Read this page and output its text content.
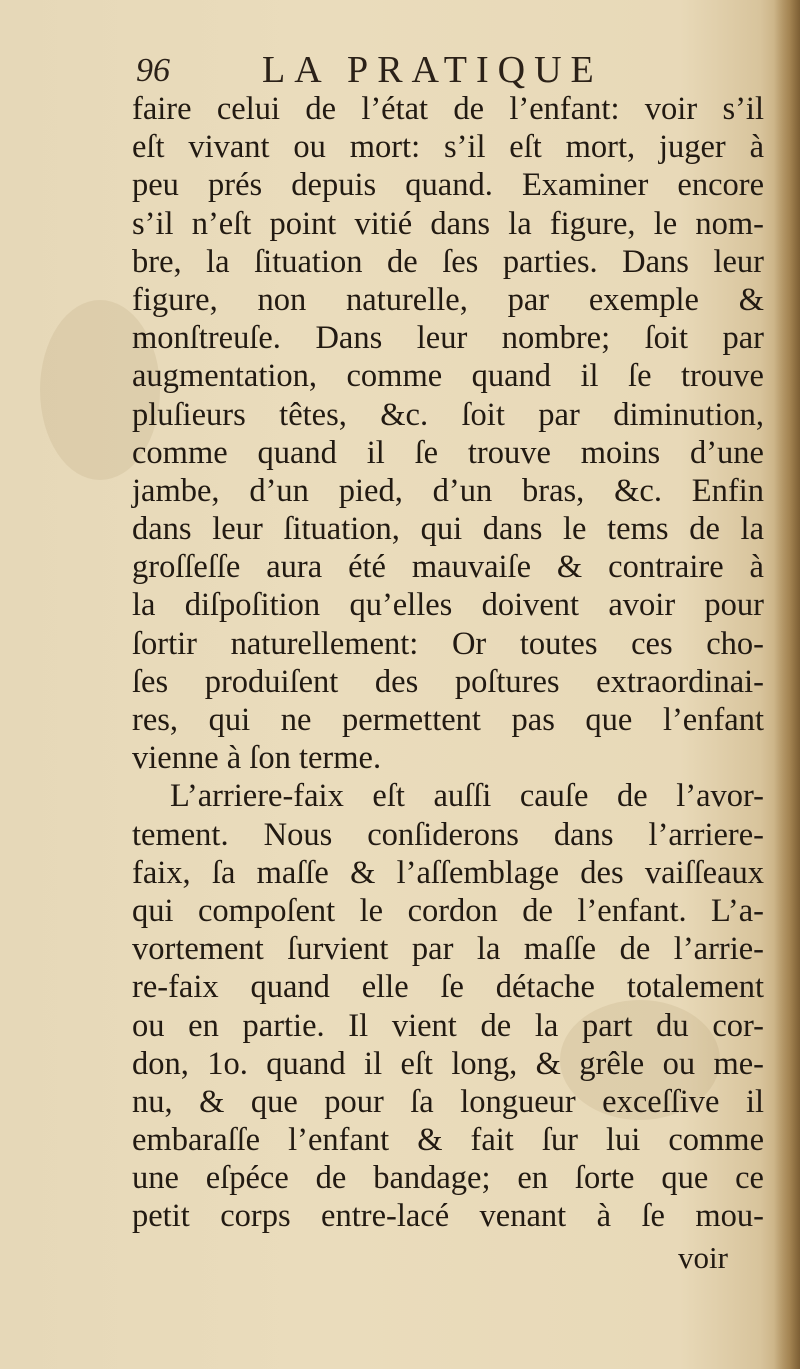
96 LA PRATIQUE
faire celui de l’état de l’enfant: voir s’il
eſt vivant ou mort: s’il eſt mort, juger à
peu prés depuis quand. Examiner encore
s’il n’eſt point vitié dans la figure, le nom-
bre, la ſituation de ſes parties. Dans leur
figure, non naturelle, par exemple &
monſtreuſe. Dans leur nombre; ſoit par
augmentation, comme quand il ſe trouve
pluſieurs têtes, &c. ſoit par diminution,
comme quand il ſe trouve moins d’une
jambe, d’un pied, d’un bras, &c. Enfin
dans leur ſituation, qui dans le tems de la
groſſeſſe aura été mauvaiſe & contraire à
la diſpoſition qu’elles doivent avoir pour
ſortir naturellement: Or toutes ces cho-
ſes produiſent des poſtures extraordinai-
res, qui ne permettent pas que l’enfant
vienne à ſon terme.
L’arriere-faix eſt auſſi cauſe de l’avor-
tement. Nous conſiderons dans l’arriere-
faix, ſa maſſe & l’aſſemblage des vaiſſeaux
qui compoſent le cordon de l’enfant. L’a-
vortement ſurvient par la maſſe de l’arrie-
re-faix quand elle ſe détache totalement
ou en partie. Il vient de la part du cor-
don, 1o. quand il eſt long, & grêle ou me-
nu, & que pour ſa longueur exceſſive il
embaraſſe l’enfant & fait ſur lui comme
une eſpéce de bandage; en ſorte que ce
petit corps entre-lacé venant à ſe mou-
voir
